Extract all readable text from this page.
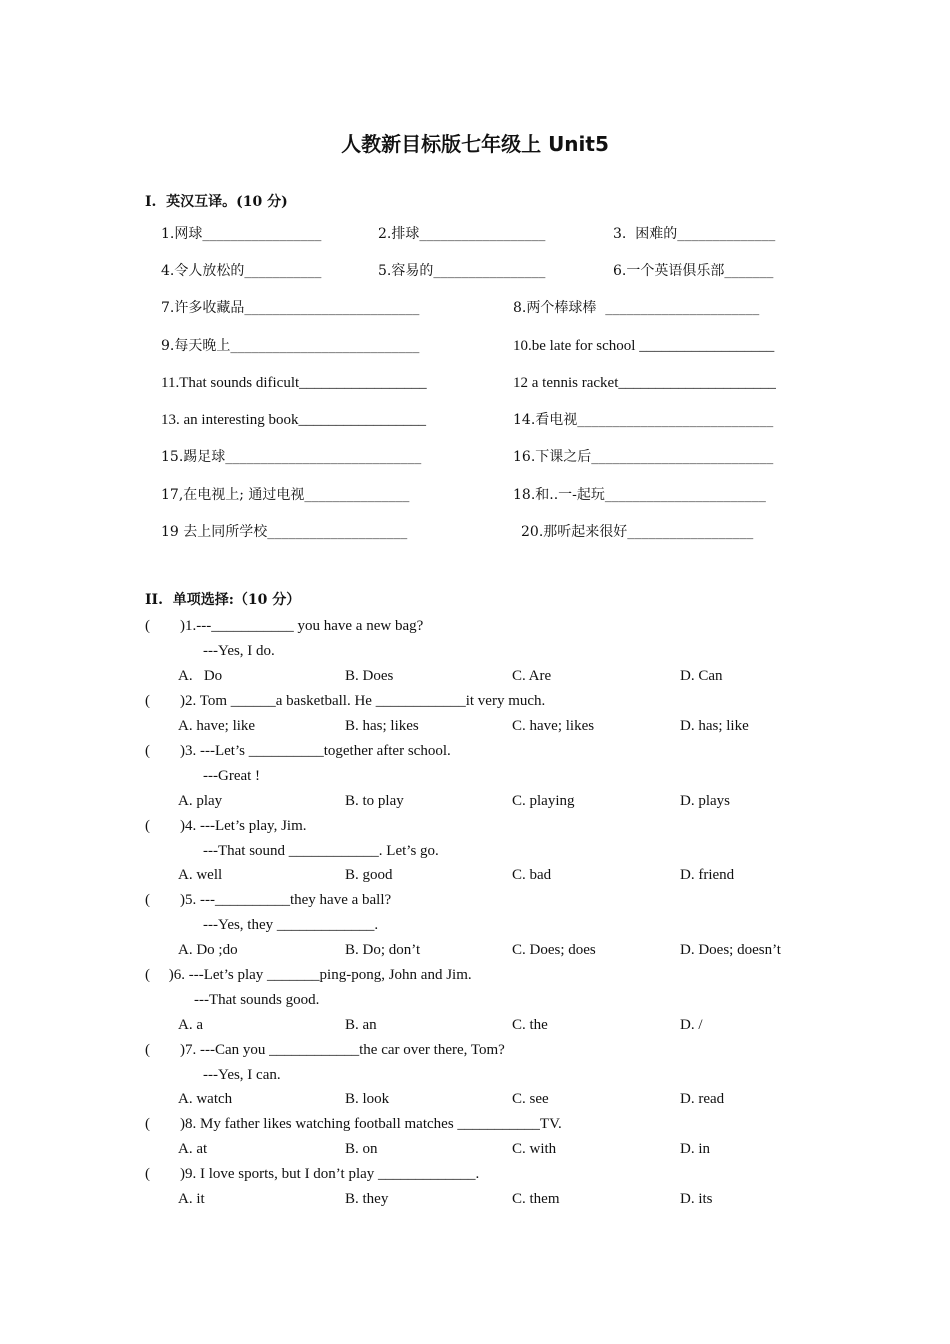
人教新目标版七年级上 Unit5
I.  英汉互译。(10 分)
1.网球_________________	2.排球__________________	3.  困难的______________
4.令人放松的___________	5.容易的________________	6.一个英语俱乐部_______
7.许多收藏品_________________________	8.两个棒球棒  ______________________
9.每天晚上___________________________	10.be late for school __________________
11.That sounds dificult_________________	12 a tennis racket_____________________
13. an interesting book_________________	14.看电视____________________________
15.踢足球____________________________	16.下课之后__________________________
17,在电视上; 通过电视_______________	18.和..一-起玩_______________________
19 去上同所学校____________________	20.那听起来很好__________________
II.  单项选择:（10 分）
(        )1.---___________ you have a new bag?
---Yes, I do.
A.   Do	B. Does	C. Are	D. Can
(        )2. Tom ______a basketball. He ____________it very much.
A. have; like	B. has; likes	C. have; likes	D. has; like
(        )3. ---Let’s __________together after school.
---Great !
A. play	B. to play	C. playing	D. plays
(        )4. ---Let’s play, Jim.
---That sound ____________. Let’s go.
A. well	B. good	C. bad	D. friend
(        )5. ---__________they have a ball?
---Yes, they _____________.
A. Do ;do	B. Do; don’t	C. Does; does	D. Does; doesn’t
(     )6. ---Let’s play _______ping-pong, John and Jim.
---That sounds good.
A. a	B. an	C. the	D. /
(        )7. ---Can you ____________the car over there, Tom?
---Yes, I can.
A. watch	B. look	C. see	D. read
(        )8. My father likes watching football matches ___________TV.
A. at	B. on	C. with	D. in
(        )9. I love sports, but I don’t play _____________.
A. it	B. they	C. them	D. its
